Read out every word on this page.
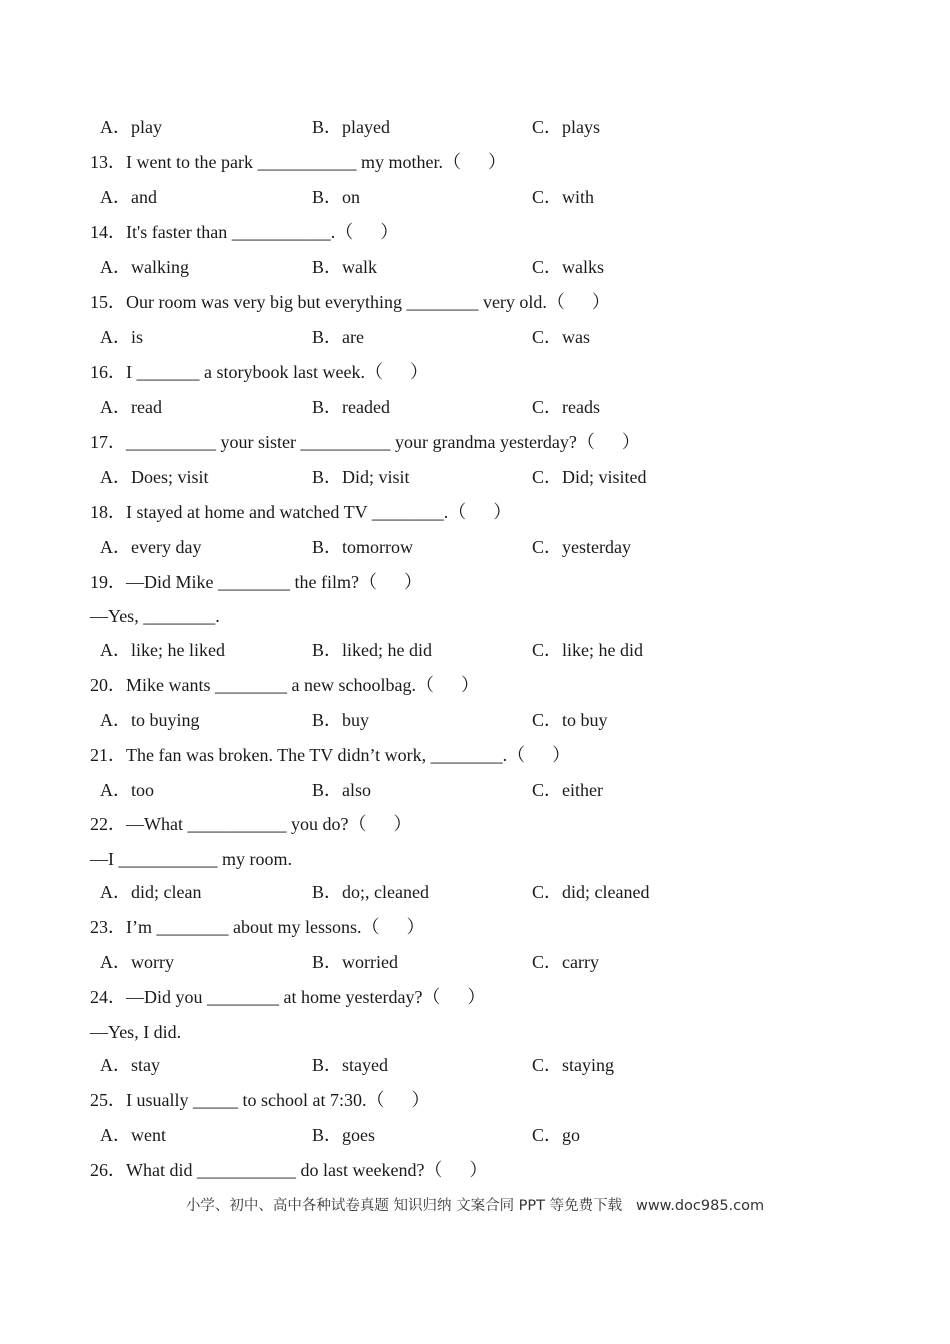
A．play	B．played	C．plays
13．I went to the park ___________ my mother.（　  ）
A．and	B．on	C．with
14．It's faster than ___________.（　  ）
A．walking	B．walk	C．walks
15．Our room was very big but everything ________ very old.（　  ）
A．is	B．are	C．was
16．I _______ a storybook last week.（　  ）
A．read	B．readed	C．reads
17．__________ your sister __________ your grandma yesterday?（　  ）
A．Does; visit	B．Did; visit	C．Did; visited
18．I stayed at home and watched TV ________.（　  ）
A．every day	B．tomorrow	C．yesterday
19．—Did Mike ________ the film?（　  ）
—Yes, ________.
A．like; he liked	B．liked; he did	C．like; he did
20．Mike wants ________ a new schoolbag.（　  ）
A．to buying	B．buy	C．to buy
21．The fan was broken. The TV didn’t work, ________.（　  ）
A．too	B．also	C．either
22．—What ___________ you do?（　  ）
—I ___________ my room.
A．did; clean	B．do;, cleaned	C．did; cleaned
23．I’m ________ about my lessons.（　  ）
A．worry	B．worried	C．carry
24．—Did you ________ at home yesterday?（　  ）
—Yes, I did.
A．stay	B．stayed	C．staying
25．I usually _____ to school at 7:30.（　  ）
A．went	B．goes	C．go
26．What did ___________ do last weekend?（　  ）
小学、初中、高中各种试卷真题 知识归纳 文案合同 PPT 等免费下载   www.doc985.com
